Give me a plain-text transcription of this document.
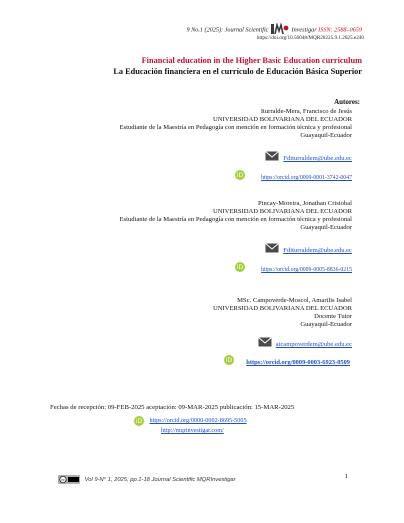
9 No.1 (2025): Journal Scientific	Investigar ISSN: 2588–0659
https://doi.org/10.56048/MQR20225.9.1.2025.e240
Financial education in the Higher Basic Education curriculum
La Educación financiera en el currículo de Educación Básica Superior
Autores:
Iturralde-Mera, Francisco de Jesús
UNIVERSIDAD BOLIVARIANA DEL ECUADOR
Estudiante de la Maestría en Pedagogía con mención en formación técnica y profesional
Guayaquil-Ecuador
Fditurraldem@ube.edu.ec
iD	https://orcid.org/0009-0001-3742-0047
Pincay-Moreira, Jonathan Cristobal
UNIVERSIDAD BOLIVARIANA DEL ECUADOR
Estudiante de la Maestría en Pedagogía con mención en formación técnica y profesional
Guayaquil-Ecuador
Fditurraldem@ube.edu.ec
iD	https://orcid.org/0009-0005-8836-0215
MSc. Campoverde-Moscol, Amarilis Isabel
UNIVERSIDAD BOLIVARIANA DEL ECUADOR
Docente Tutor
Guayaquil-Ecuador
aicampoverdem@ube.edu.ec
iD https://orcid.org/0009-0003-6923-0509
Fechas de recepción: 09-FEB-2025 aceptación: 09-MAR-2025 publicación: 15-MAR-2025
iD https://orcid.org/0000-0002-8695-5005
http://mqrinvestigar.com/
cc	Vol 9-N° 1, 2025, pp.1-18 Journal Scientific MQRInvestigar
1
